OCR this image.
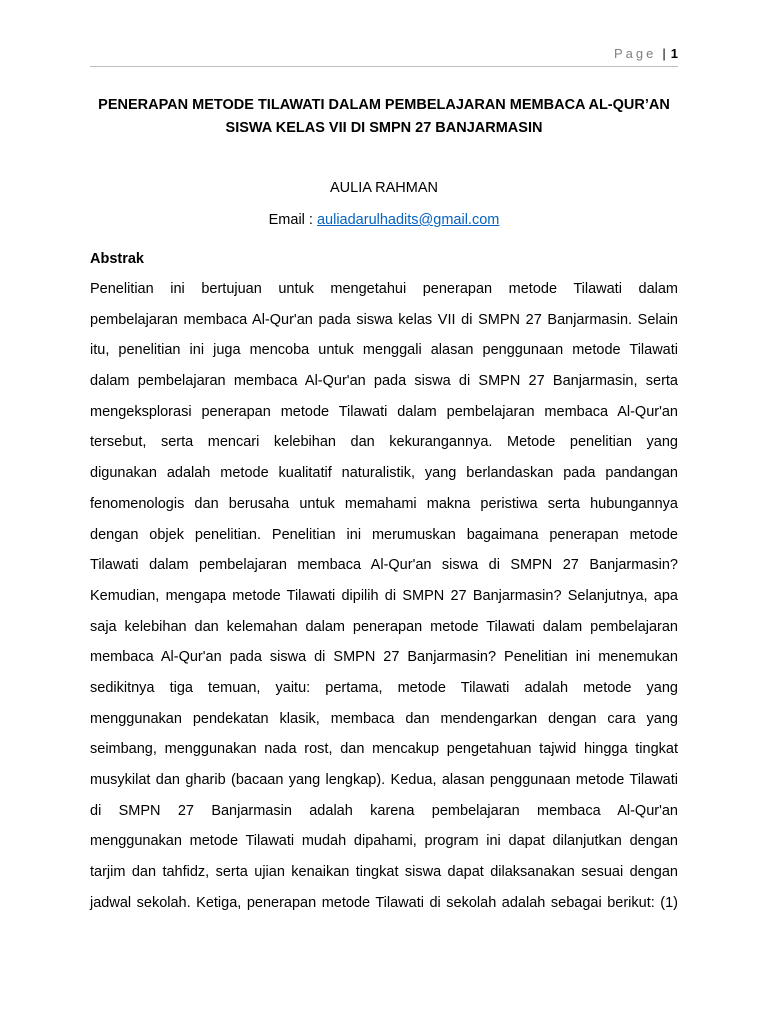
Page | 1
PENERAPAN METODE TILAWATI DALAM PEMBELAJARAN MEMBACA AL-QUR’AN
SISWA KELAS VII DI SMPN 27 BANJARMASIN
AULIA RAHMAN
Email : auliadarulhadits@gmail.com
Abstrak
Penelitian ini bertujuan untuk mengetahui penerapan metode Tilawati dalam
pembelajaran membaca Al-Qur'an pada siswa kelas VII di SMPN 27 Banjarmasin. Selain
itu, penelitian ini juga mencoba untuk menggali alasan penggunaan metode Tilawati
dalam pembelajaran membaca Al-Qur'an pada siswa di SMPN 27 Banjarmasin, serta
mengeksplorasi penerapan metode Tilawati dalam pembelajaran membaca Al-Qur'an
tersebut, serta mencari kelebihan dan kekurangannya. Metode penelitian yang
digunakan adalah metode kualitatif naturalistik, yang berlandaskan pada pandangan
fenomenologis dan berusaha untuk memahami makna peristiwa serta hubungannya
dengan objek penelitian. Penelitian ini merumuskan bagaimana penerapan metode
Tilawati dalam pembelajaran membaca Al-Qur'an siswa di SMPN 27 Banjarmasin?
Kemudian, mengapa metode Tilawati dipilih di SMPN 27 Banjarmasin? Selanjutnya, apa
saja kelebihan dan kelemahan dalam penerapan metode Tilawati dalam pembelajaran
membaca Al-Qur'an pada siswa di SMPN 27 Banjarmasin? Penelitian ini menemukan
sedikitnya tiga temuan, yaitu: pertama, metode Tilawati adalah metode yang
menggunakan pendekatan klasik, membaca dan mendengarkan dengan cara yang
seimbang, menggunakan nada rost, dan mencakup pengetahuan tajwid hingga tingkat
musykilat dan gharib (bacaan yang lengkap). Kedua, alasan penggunaan metode Tilawati
di SMPN 27 Banjarmasin adalah karena pembelajaran membaca Al-Qur'an
menggunakan metode Tilawati mudah dipahami, program ini dapat dilanjutkan dengan
tarjim dan tahfidz, serta ujian kenaikan tingkat siswa dapat dilaksanakan sesuai dengan
jadwal sekolah. Ketiga, penerapan metode Tilawati di sekolah adalah sebagai berikut: (1)
